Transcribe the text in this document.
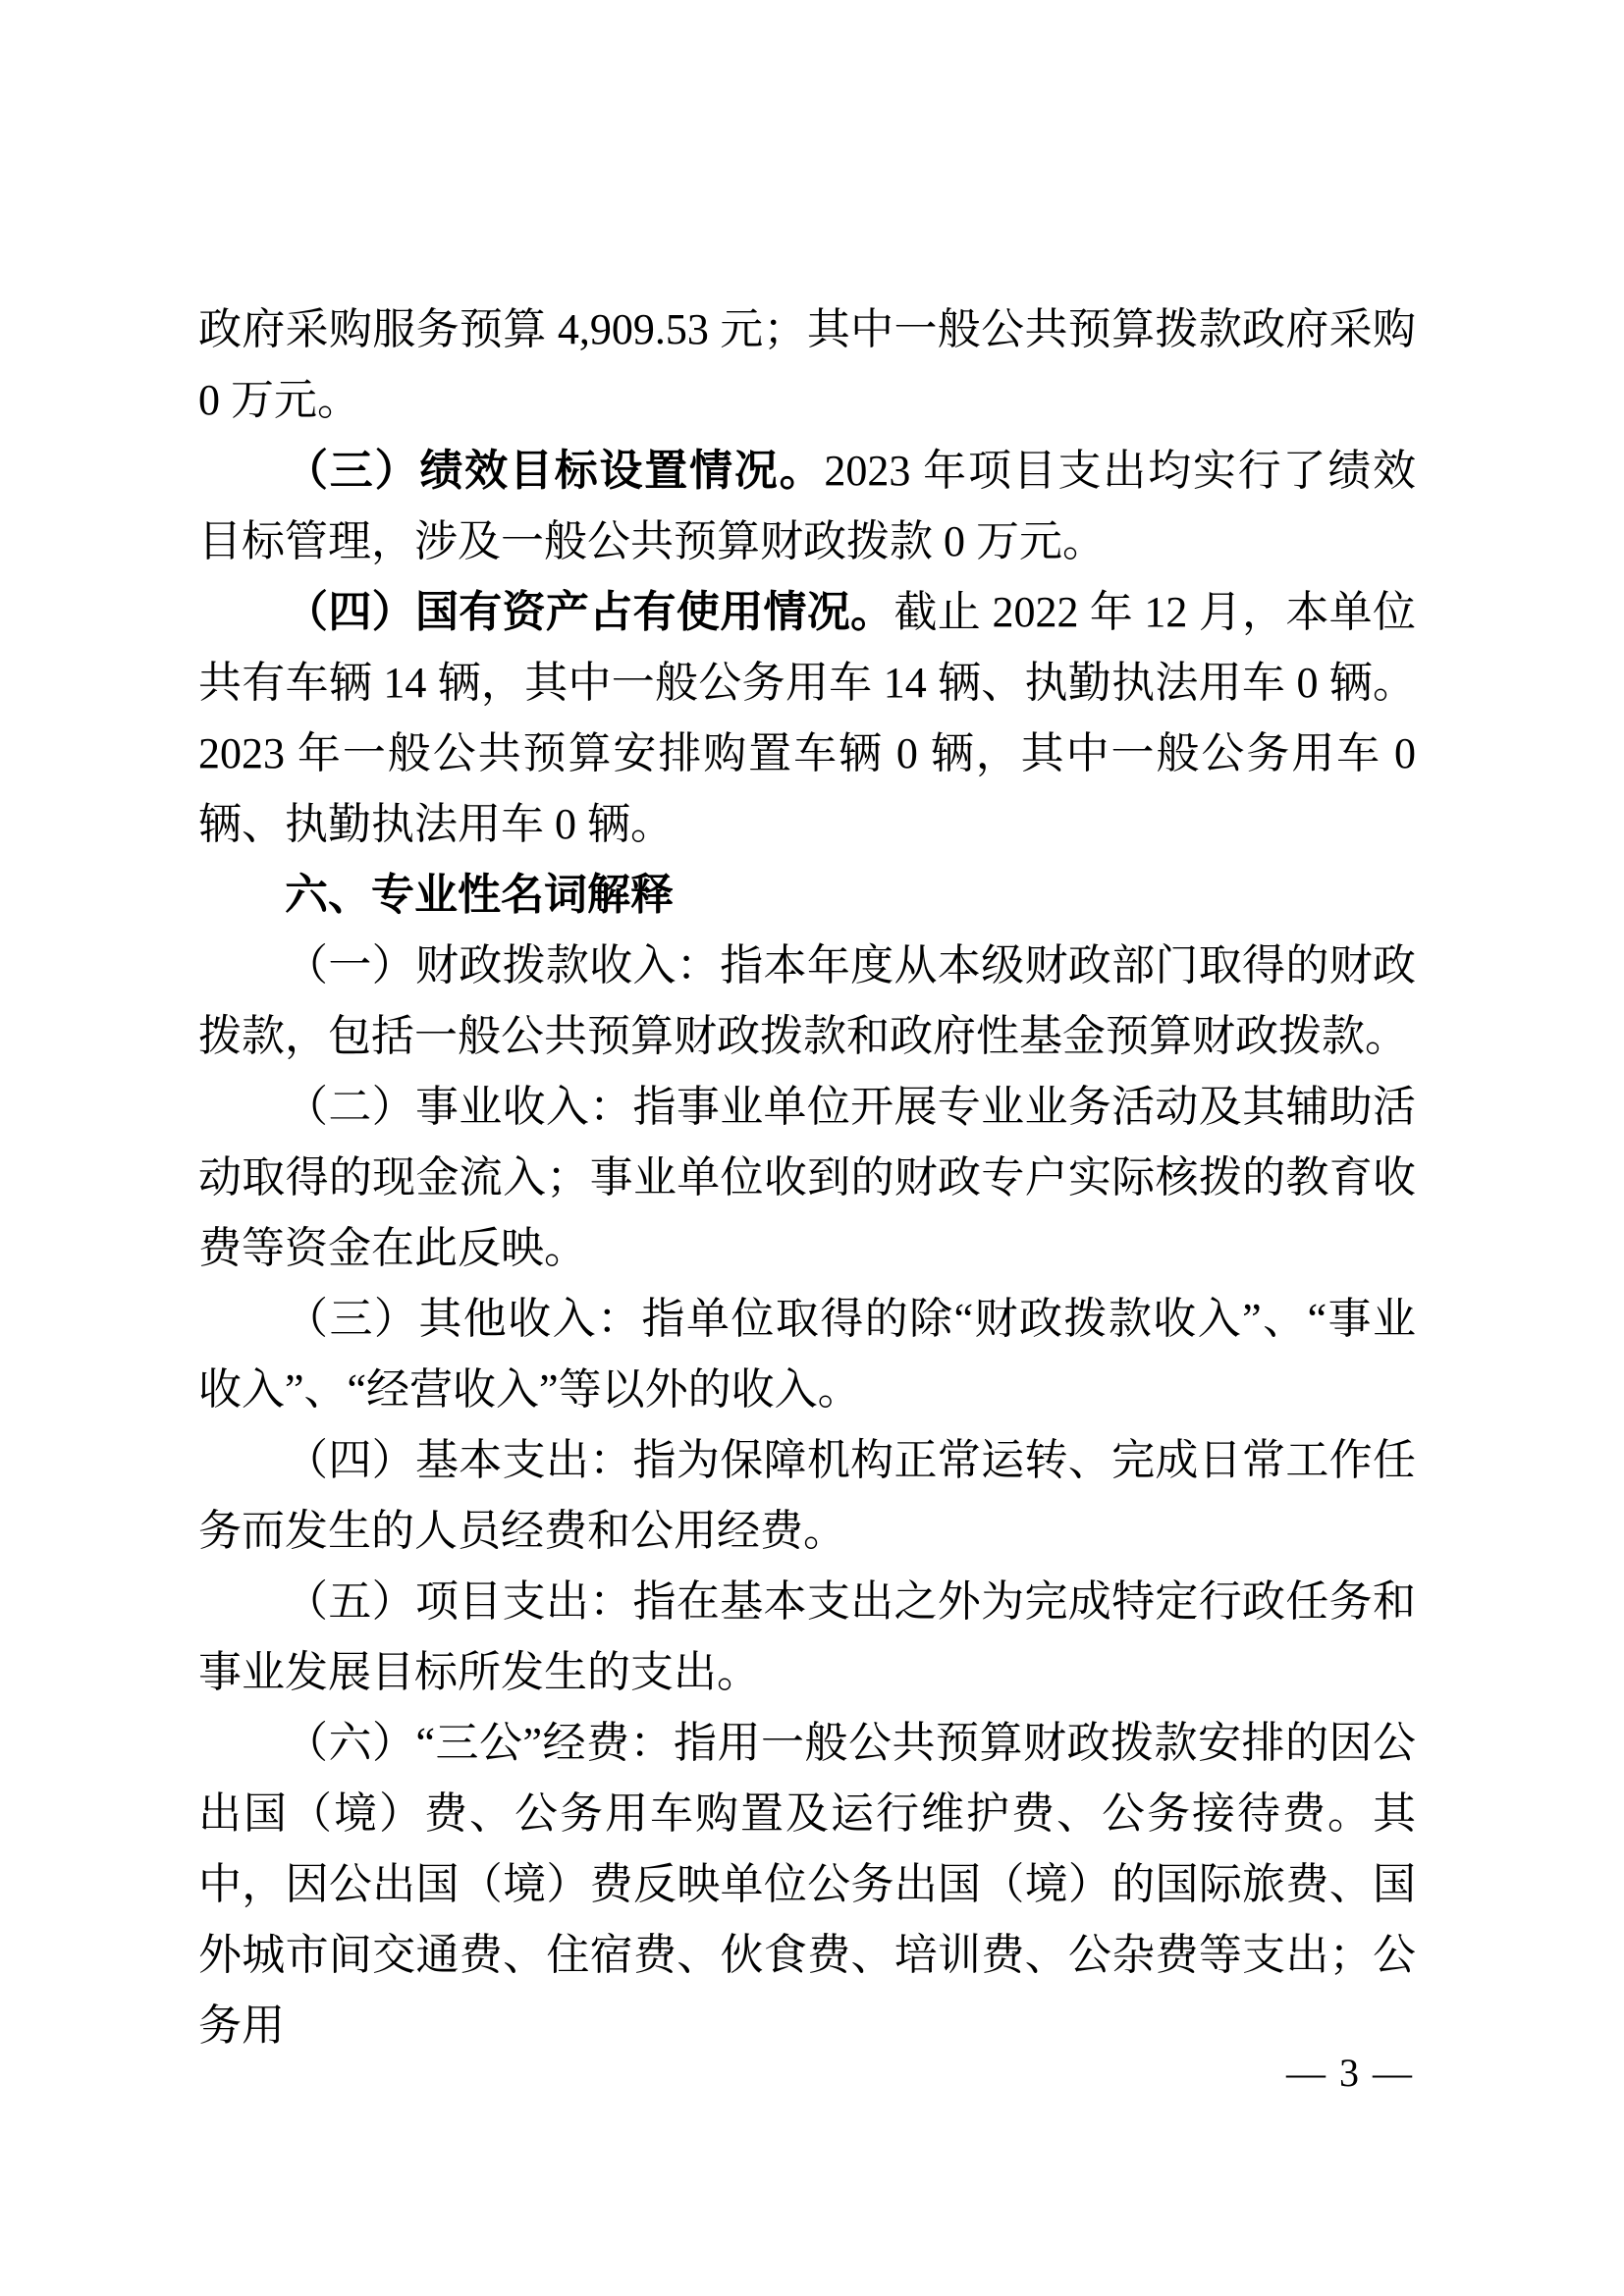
政府采购服务预算 4,909.53 元；其中一般公共预算拨款政府采购 0 万元。

（三）绩效目标设置情况。2023 年项目支出均实行了绩效目标管理，涉及一般公共预算财政拨款 0 万元。

（四）国有资产占有使用情况。截止 2022 年 12 月，本单位共有车辆 14 辆，其中一般公务用车 14 辆、执勤执法用车 0 辆。2023 年一般公共预算安排购置车辆 0 辆，其中一般公务用车 0 辆、执勤执法用车 0 辆。

六、专业性名词解释

（一）财政拨款收入：指本年度从本级财政部门取得的财政拨款，包括一般公共预算财政拨款和政府性基金预算财政拨款。

（二）事业收入：指事业单位开展专业业务活动及其辅助活动取得的现金流入；事业单位收到的财政专户实际核拨的教育收费等资金在此反映。

（三）其他收入：指单位取得的除“财政拨款收入”、“事业收入”、“经营收入”等以外的收入。

（四）基本支出：指为保障机构正常运转、完成日常工作任务而发生的人员经费和公用经费。

（五）项目支出：指在基本支出之外为完成特定行政任务和事业发展目标所发生的支出。

（六）“三公”经费：指用一般公共预算财政拨款安排的因公出国（境）费、公务用车购置及运行维护费、公务接待费。其中，因公出国（境）费反映单位公务出国（境）的国际旅费、国外城市间交通费、住宿费、伙食费、培训费、公杂费等支出；公务用

— 3 —
